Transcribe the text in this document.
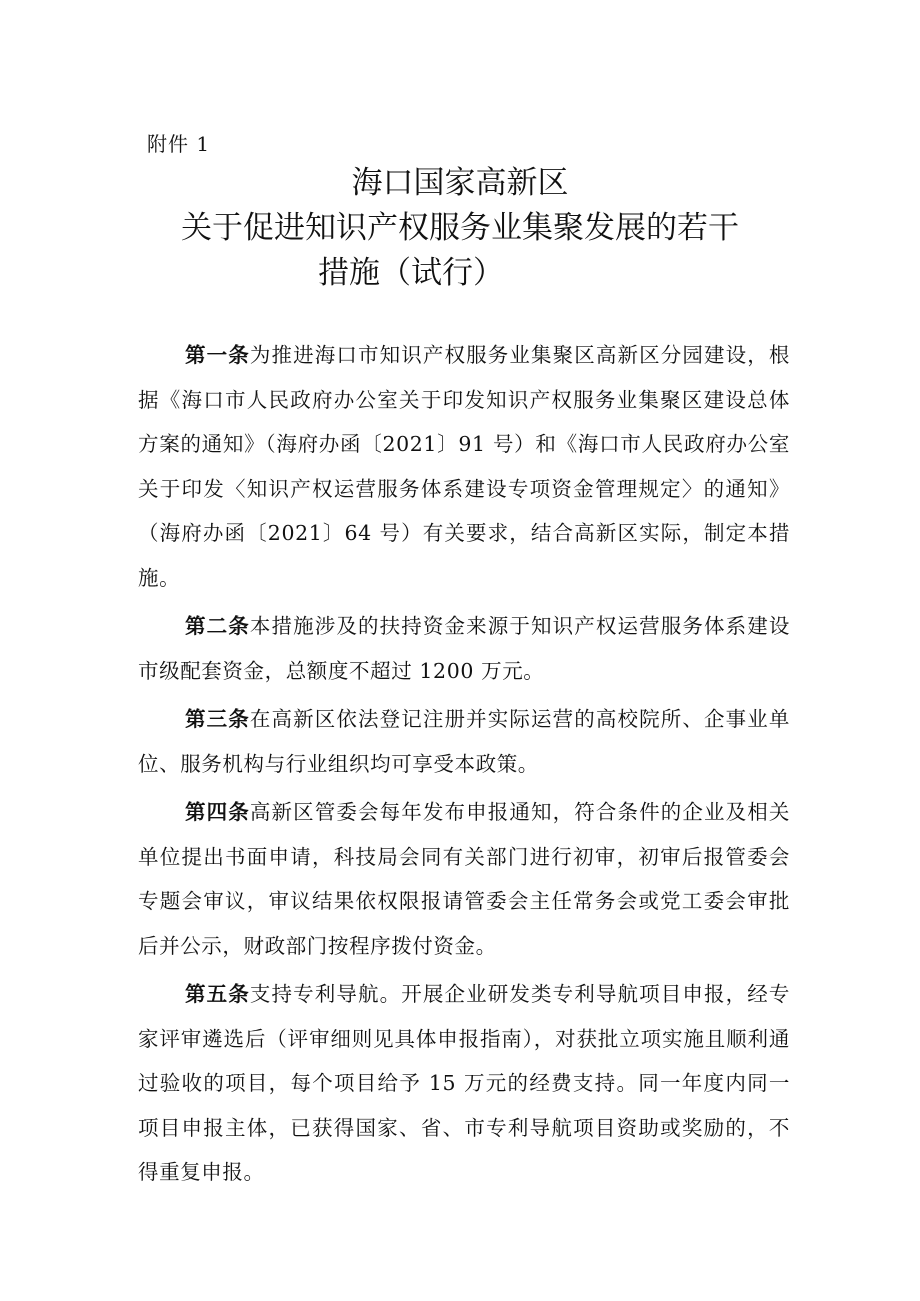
附件 1
海口国家高新区
关于促进知识产权服务业集聚发展的若干
措施（试行）

第一条为推进海口市知识产权服务业集聚区高新区分园建设，根据《海口市人民政府办公室关于印发知识产权服务业集聚区建设总体方案的通知》（海府办函〔2021〕91 号）和《海口市人民政府办公室关于印发〈知识产权运营服务体系建设专项资金管理规定〉的通知》（海府办函〔2021〕64 号）有关要求，结合高新区实际，制定本措施。

第二条本措施涉及的扶持资金来源于知识产权运营服务体系建设市级配套资金，总额度不超过 1200 万元。

第三条在高新区依法登记注册并实际运营的高校院所、企事业单位、服务机构与行业组织均可享受本政策。

第四条高新区管委会每年发布申报通知，符合条件的企业及相关单位提出书面申请，科技局会同有关部门进行初审，初审后报管委会专题会审议，审议结果依权限报请管委会主任常务会或党工委会审批后并公示，财政部门按程序拨付资金。

第五条支持专利导航。开展企业研发类专利导航项目申报，经专家评审遴选后（评审细则见具体申报指南），对获批立项实施且顺利通过验收的项目，每个项目给予 15 万元的经费支持。同一年度内同一项目申报主体，已获得国家、省、市专利导航项目资助或奖励的，不得重复申报。
